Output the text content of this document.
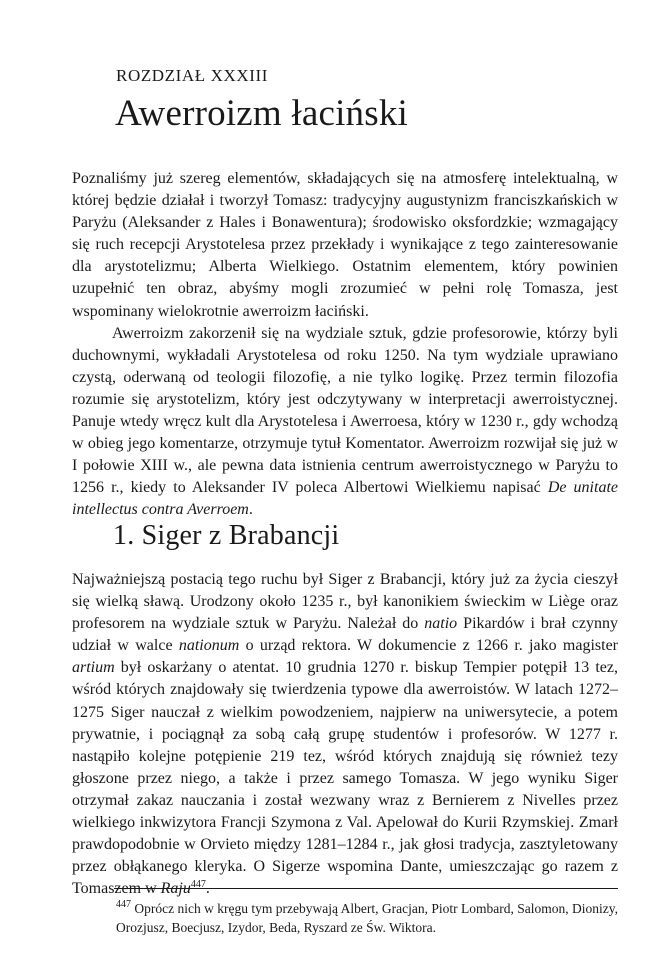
ROZDZIAŁ XXXIII
Awerroizm łaciński

Poznaliśmy już szereg elementów, składających się na atmosferę intelektualną, w której będzie działał i tworzył Tomasz: tradycyjny augustynizm franciszkańskich w Paryżu (Aleksander z Hales i Bonawentura); środowisko oksfordzkie; wzmagający się ruch recepcji Arystotelesa przez przekłady i wynikające z tego zainteresowanie dla arystotelizmu; Alberta Wielkiego. Ostatnim elementem, który powinien uzupełnić ten obraz, abyśmy mogli zrozumieć w pełni rolę Tomasza, jest wspominany wielokrotnie awerroizm łaciński.

Awerroizm zakorzenił się na wydziale sztuk, gdzie profesorowie, którzy byli duchownymi, wykładali Arystotelesa od roku 1250. Na tym wydziale uprawiano czystą, oderwaną od teologii filozofię, a nie tylko logikę. Przez termin filozofia rozumie się arystotelizm, który jest odczytywany w interpretacji awerroistycznej. Panuje wtedy wręcz kult dla Arystotelesa i Awerroesa, który w 1230 r., gdy wchodzą w obieg jego komentarze, otrzymuje tytuł Komentator. Awerroizm rozwijał się już w I połowie XIII w., ale pewna data istnienia centrum awerroistycznego w Paryżu to 1256 r., kiedy to Aleksander IV poleca Albertowi Wielkiemu napisać De unitate intellectus contra Averroem.

1. Siger z Brabancji

Najważniejszą postacią tego ruchu był Siger z Brabancji, który już za życia cieszył się wielką sławą. Urodzony około 1235 r., był kanonikiem świeckim w Liège oraz profesorem na wydziale sztuk w Paryżu. Należał do natio Pikardów i brał czynny udział w walce nationum o urząd rektora. W dokumencie z 1266 r. jako magister artium był oskarżany o atentat. 10 grudnia 1270 r. biskup Tempier potępił 13 tez, wśród których znajdowały się twierdzenia typowe dla awerroistów. W latach 1272–1275 Siger nauczał z wielkim powodzeniem, najpierw na uniwersytecie, a potem prywatnie, i pociągnął za sobą całą grupę studentów i profesorów. W 1277 r. nastąpiło kolejne potępienie 219 tez, wśród których znajdują się również tezy głoszone przez niego, a także i przez samego Tomasza. W jego wyniku Siger otrzymał zakaz nauczania i został wezwany wraz z Bernierem z Nivelles przez wielkiego inkwizytora Francji Szymona z Val. Apelował do Kurii Rzymskiej. Zmarł prawdopodobnie w Orvieto między 1281–1284 r., jak głosi tradycja, zasztyletowany przez obłąkanego kleryka. O Sigerze wspomina Dante, umieszczając go razem z Tomaszem w Raju$^{447}$.

$^{447}$ Oprócz nich w kręgu tym przebywają Albert, Gracjan, Piotr Lombard, Salomon, Dionizy, Orozjusz, Boecjusz, Izydor, Beda, Ryszard ze Św. Wiktora.
